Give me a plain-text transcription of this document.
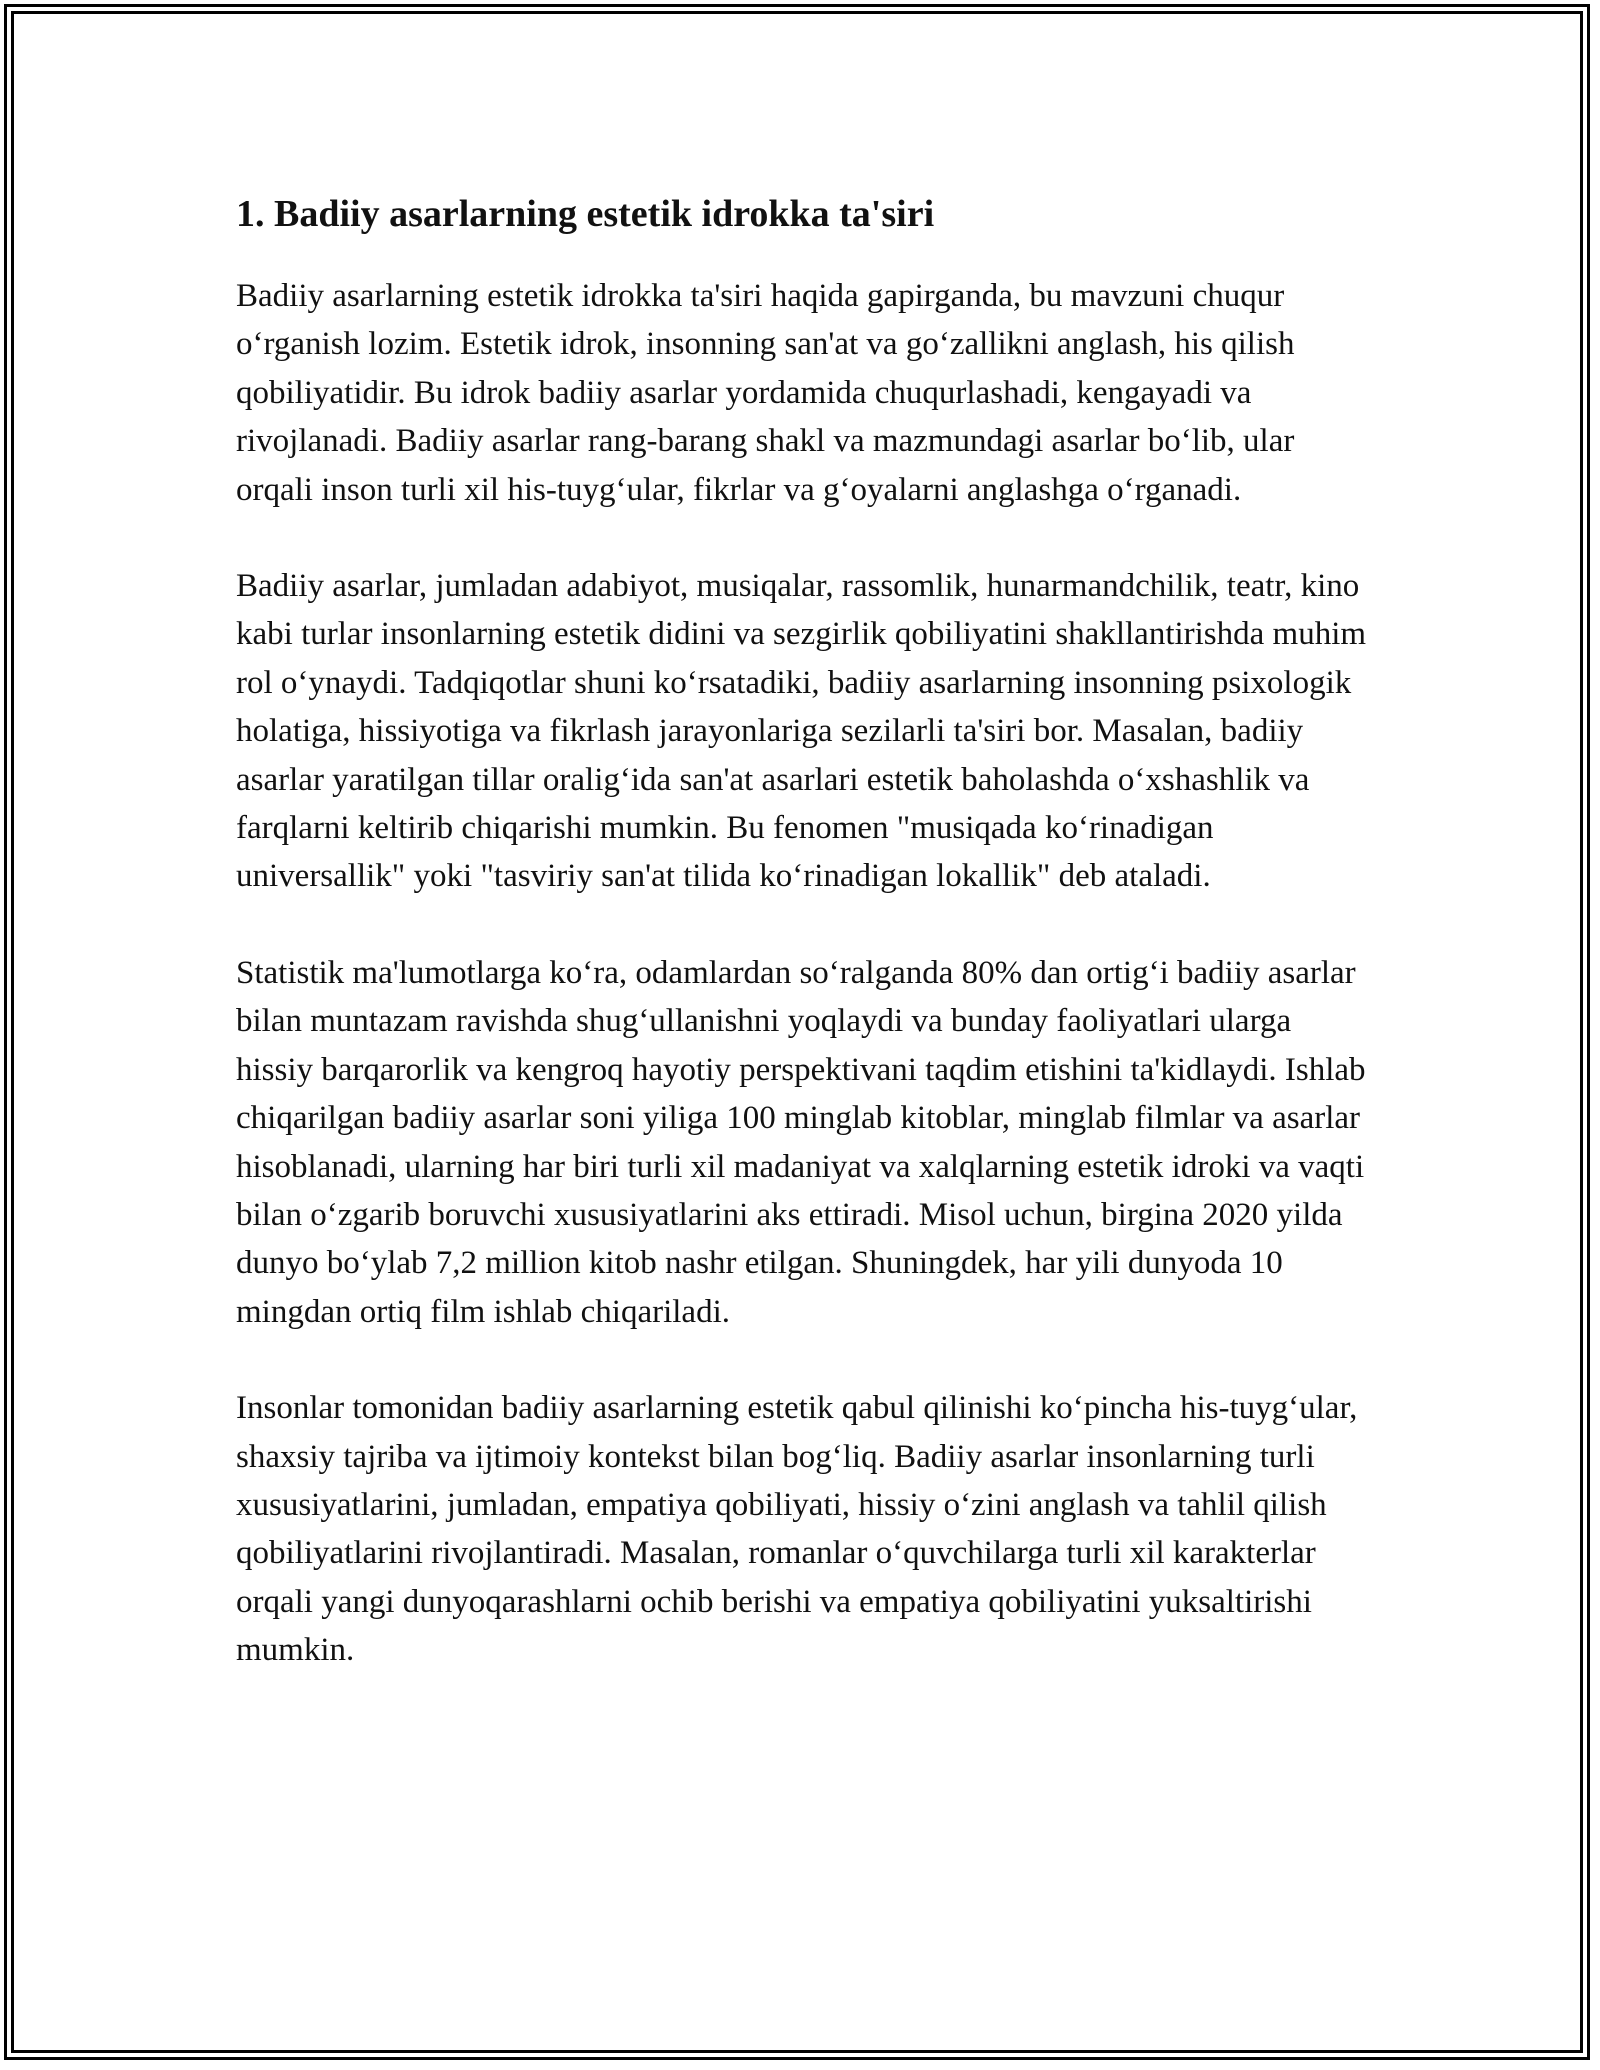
1. Badiiy asarlarning estetik idrokka ta'siri

Badiiy asarlarning estetik idrokka ta'siri haqida gapirganda, bu mavzuni chuqur o‘rganish lozim. Estetik idrok, insonning san'at va go‘zallikni anglash, his qilish qobiliyatidir. Bu idrok badiiy asarlar yordamida chuqurlashadi, kengayadi va rivojlanadi. Badiiy asarlar rang-barang shakl va mazmundagi asarlar bo‘lib, ular orqali inson turli xil his-tuyg‘ular, fikrlar va g‘oyalarni anglashga o‘rganadi.

Badiiy asarlar, jumladan adabiyot, musiqalar, rassomlik, hunarmandchilik, teatr, kino kabi turlar insonlarning estetik didini va sezgirlik qobiliyatini shakllantirishda muhim rol o‘ynaydi. Tadqiqotlar shuni ko‘rsatadiki, badiiy asarlarning insonning psixologik holatiga, hissiyotiga va fikrlash jarayonlariga sezilarli ta'siri bor. Masalan, badiiy asarlar yaratilgan tillar oralig‘ida san'at asarlari estetik baholashda o‘xshashlik va farqlarni keltirib chiqarishi mumkin. Bu fenomen "musiqada ko‘rinadigan universallik" yoki "tasviriy san'at tilida ko‘rinadigan lokallik" deb ataladi.

Statistik ma'lumotlarga ko‘ra, odamlardan so‘ralganda 80% dan ortig‘i badiiy asarlar bilan muntazam ravishda shug‘ullanishni yoqlaydi va bunday faoliyatlari ularga hissiy barqarorlik va kengroq hayotiy perspektivani taqdim etishini ta'kidlaydi. Ishlab chiqarilgan badiiy asarlar soni yiliga 100 minglab kitoblar, minglab filmlar va asarlar hisoblanadi, ularning har biri turli xil madaniyat va xalqlarning estetik idroki va vaqti bilan o‘zgarib boruvchi xususiyatlarini aks ettiradi. Misol uchun, birgina 2020 yilda dunyo bo‘ylab 7,2 million kitob nashr etilgan. Shuningdek, har yili dunyoda 10 mingdan ortiq film ishlab chiqariladi.

Insonlar tomonidan badiiy asarlarning estetik qabul qilinishi ko‘pincha his-tuyg‘ular, shaxsiy tajriba va ijtimoiy kontekst bilan bog‘liq. Badiiy asarlar insonlarning turli xususiyatlarini, jumladan, empatiya qobiliyati, hissiy o‘zini anglash va tahlil qilish qobiliyatlarini rivojlantiradi. Masalan, romanlar o‘quvchilarga turli xil karakterlar orqali yangi dunyoqarashlarni ochib berishi va empatiya qobiliyatini yuksaltirishi mumkin.
